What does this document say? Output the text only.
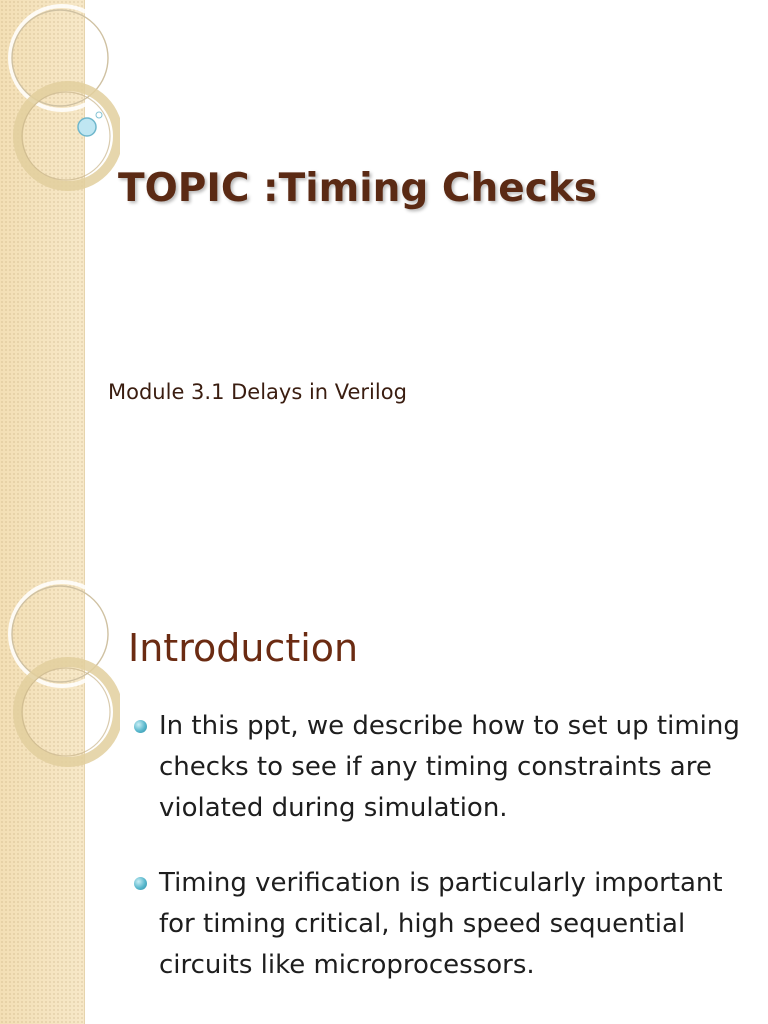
TOPIC :Timing Checks

Module 3.1 Delays in Verilog

Introduction
In this ppt, we describe how to set up timing checks to see if any timing constraints are violated during simulation.
Timing verification is particularly important for timing critical, high speed sequential circuits like microprocessors.
